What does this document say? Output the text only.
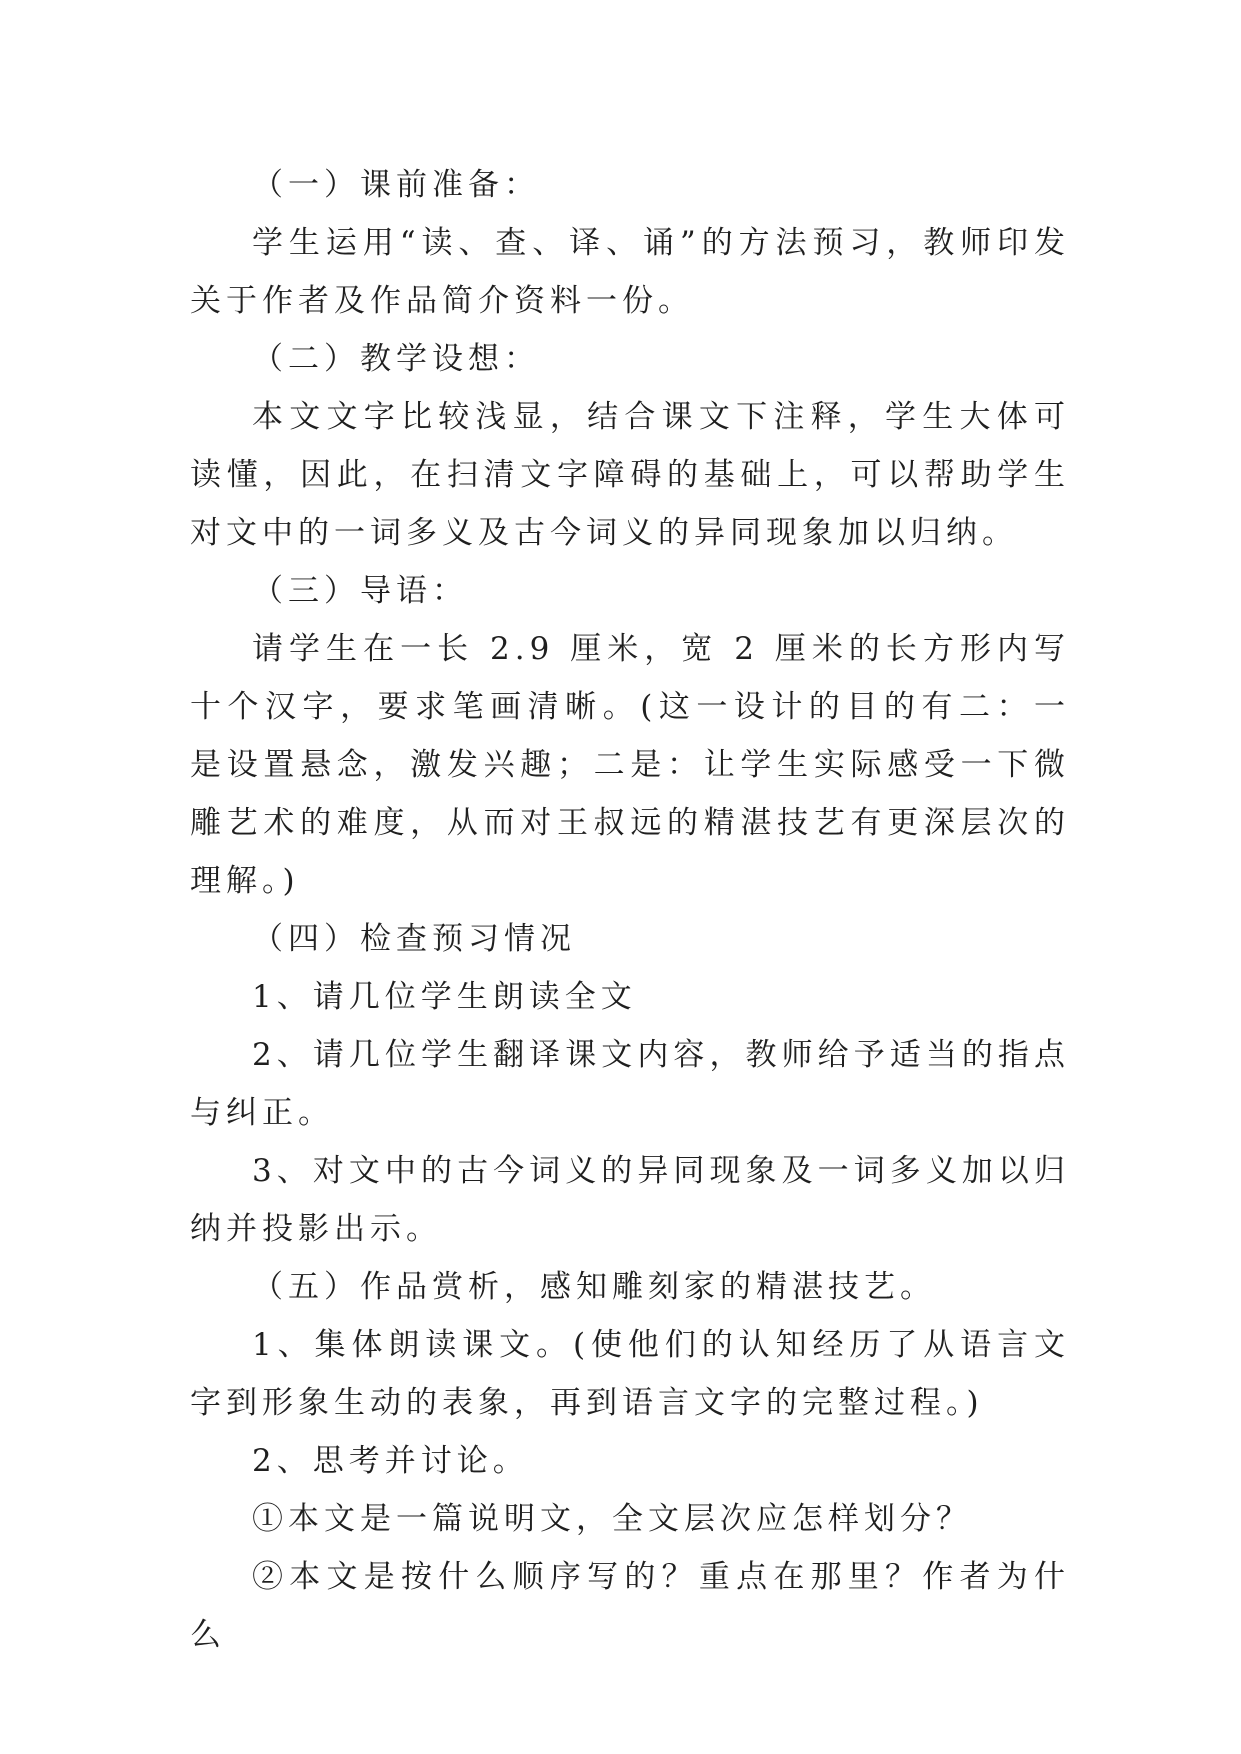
（一）课前准备：

学生运用“读、查、译、诵”的方法预习，教师印发关于作者及作品简介资料一份。

（二）教学设想：

本文文字比较浅显，结合课文下注释，学生大体可读懂，因此，在扫清文字障碍的基础上，可以帮助学生对文中的一词多义及古今词义的异同现象加以归纳。

（三）导语：

请学生在一长 2.9 厘米，宽 2 厘米的长方形内写十个汉字，要求笔画清晰。(这一设计的目的有二：一是设置悬念，激发兴趣；二是：让学生实际感受一下微雕艺术的难度，从而对王叔远的精湛技艺有更深层次的理解。)

（四）检查预习情况

1、请几位学生朗读全文

2、请几位学生翻译课文内容，教师给予适当的指点与纠正。

3、对文中的古今词义的异同现象及一词多义加以归纳并投影出示。

（五）作品赏析，感知雕刻家的精湛技艺。

1、集体朗读课文。(使他们的认知经历了从语言文字到形象生动的表象，再到语言文字的完整过程。)

2、思考并讨论。

①本文是一篇说明文，全文层次应怎样划分？

②本文是按什么顺序写的？重点在那里？作者为什么
